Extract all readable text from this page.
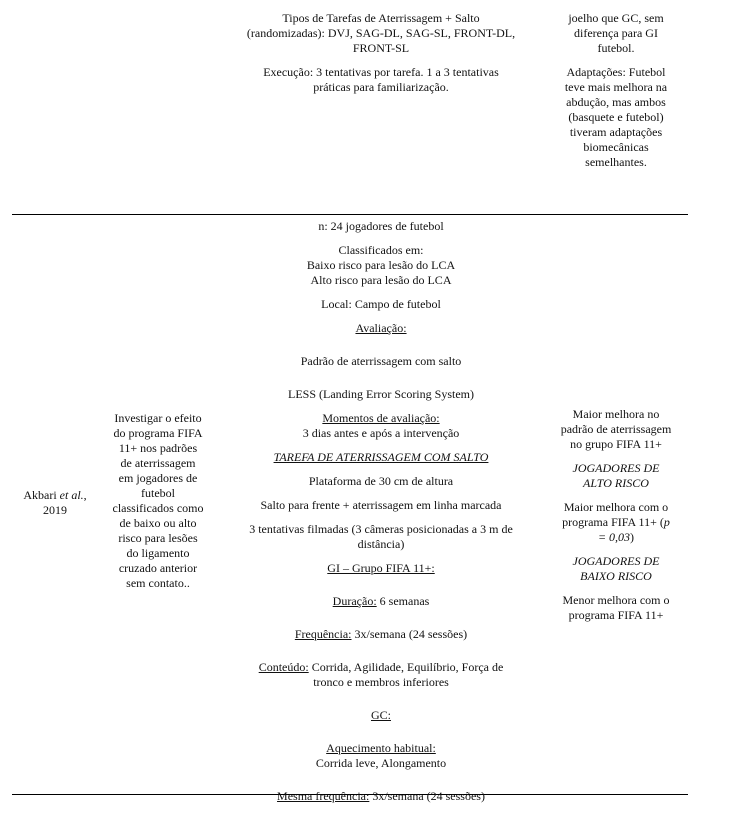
Tipos de Tarefas de Aterrissagem + Salto
(randomizadas): DVJ, SAG-DL, SAG-SL, FRONT-DL,
FRONT-SL

Execução: 3 tentativas por tarefa. 1 a 3 tentativas
práticas para familiarização.

joelho que GC, sem
diferença para GI
futebol.

Adaptações: Futebol
teve mais melhora na
abdução, mas ambos
(basquete e futebol)
tiveram adaptações
biomecânicas
semelhantes.

Akbari et al.,
2019
Investigar o efeito
do programa FIFA
11+ nos padrões
de aterrissagem
em jogadores de
futebol
classificados como
de baixo ou alto
risco para lesões
do ligamento
cruzado anterior
sem contato..

n: 24 jogadores de futebol

Classificados em:
Baixo risco para lesão do LCA
Alto risco para lesão do LCA

Local: Campo de futebol

Avaliação:

Padrão de aterrissagem com salto

LESS (Landing Error Scoring System)

Momentos de avaliação:
3 dias antes e após a intervenção

TAREFA DE ATERRISSAGEM COM SALTO

Plataforma de 30 cm de altura

Salto para frente + aterrissagem em linha marcada

3 tentativas filmadas (3 câmeras posicionadas a 3 m de
distância)

GI – Grupo FIFA 11+:

Duração: 6 semanas

Frequência: 3x/semana (24 sessões)

Conteúdo: Corrida, Agilidade, Equilíbrio, Força de
tronco e membros inferiores

GC:

Aquecimento habitual:
Corrida leve, Alongamento

Mesma frequência: 3x/semana (24 sessões)

Maior melhora no
padrão de aterrissagem
no grupo FIFA 11+

JOGADORES DE
ALTO RISCO

Maior melhora com o
programa FIFA 11+ (p
= 0,03)

JOGADORES DE
BAIXO RISCO

Menor melhora com o
programa FIFA 11+
